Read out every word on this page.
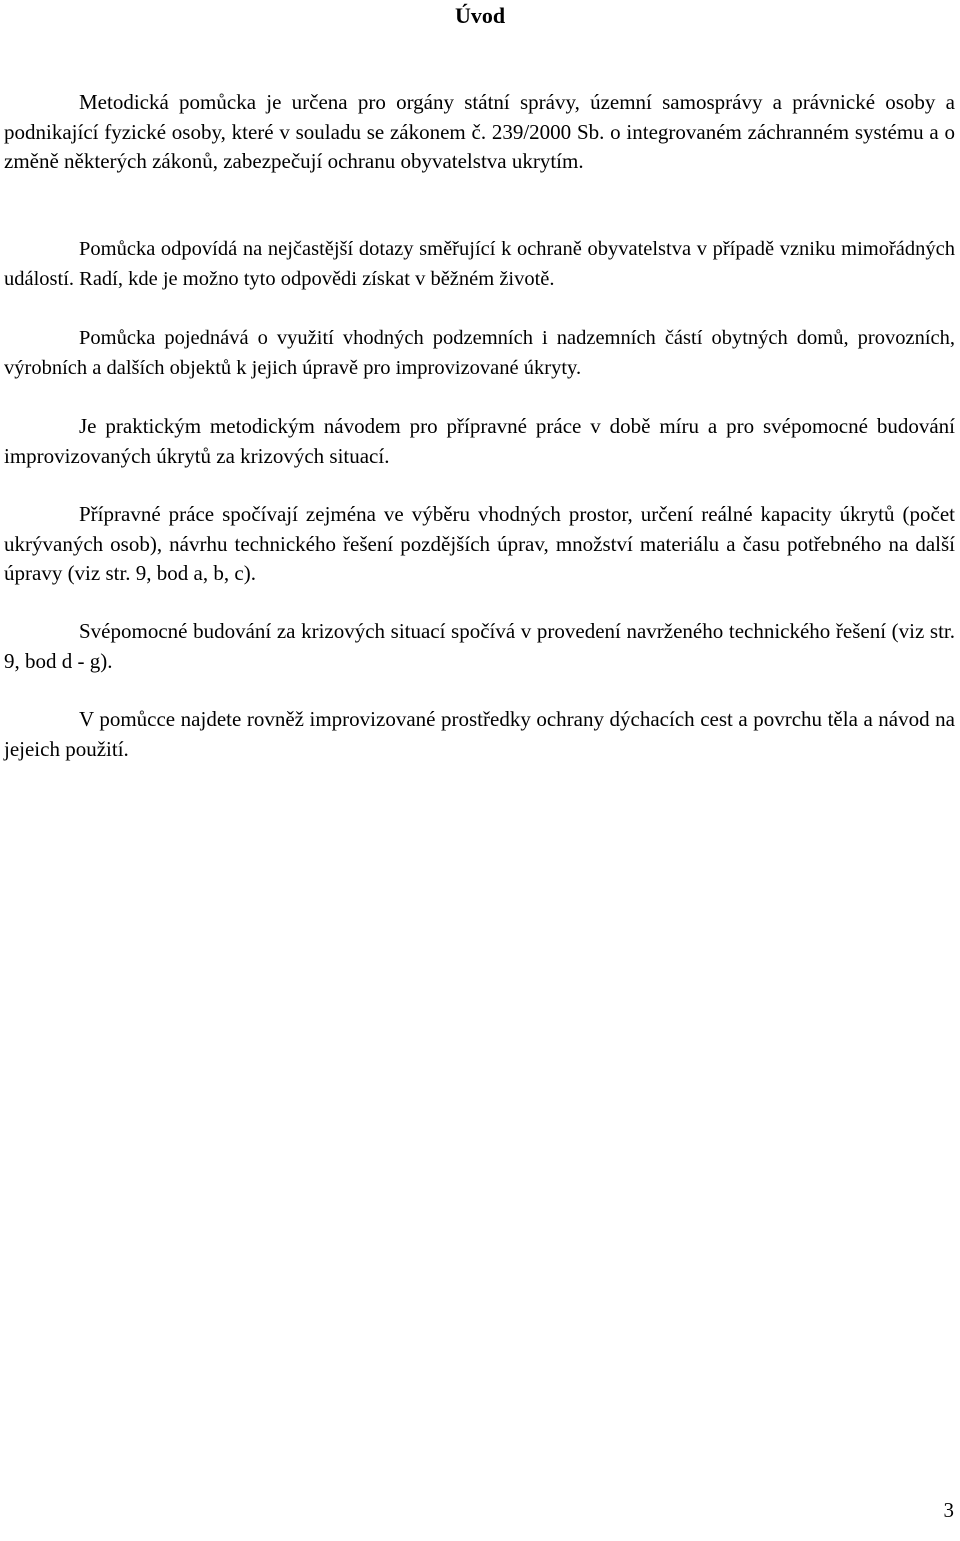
Úvod

Metodická pomůcka je určena pro orgány státní správy, územní samosprávy a právnické osoby a podnikající fyzické osoby, které v souladu se zákonem č. 239/2000 Sb. o integrovaném záchranném systému a o změně některých zákonů, zabezpečují ochranu obyvatelstva ukrytím.

Pomůcka odpovídá na nejčastější dotazy směřující k ochraně obyvatelstva v případě vzniku mimořádných událostí. Radí, kde je možno tyto odpovědi získat v běžném životě.

Pomůcka pojednává o využití vhodných podzemních i nadzemních částí obytných domů, provozních, výrobních a dalších objektů k jejich úpravě pro improvizované úkryty.

Je praktickým metodickým návodem pro přípravné práce v době míru a pro svépomocné budování improvizovaných úkrytů za krizových situací.

Přípravné práce spočívají zejména ve výběru vhodných prostor, určení reálné kapacity úkrytů (počet ukrývaných osob), návrhu technického řešení pozdějších úprav, množství materiálu a času potřebného na další úpravy (viz str. 9, bod a, b, c).

Svépomocné budování za krizových situací spočívá v provedení navrženého technického řešení (viz str. 9, bod d - g).

V pomůcce najdete rovněž improvizované prostředky ochrany dýchacích cest a povrchu těla a návod na jejeich použití.

3
